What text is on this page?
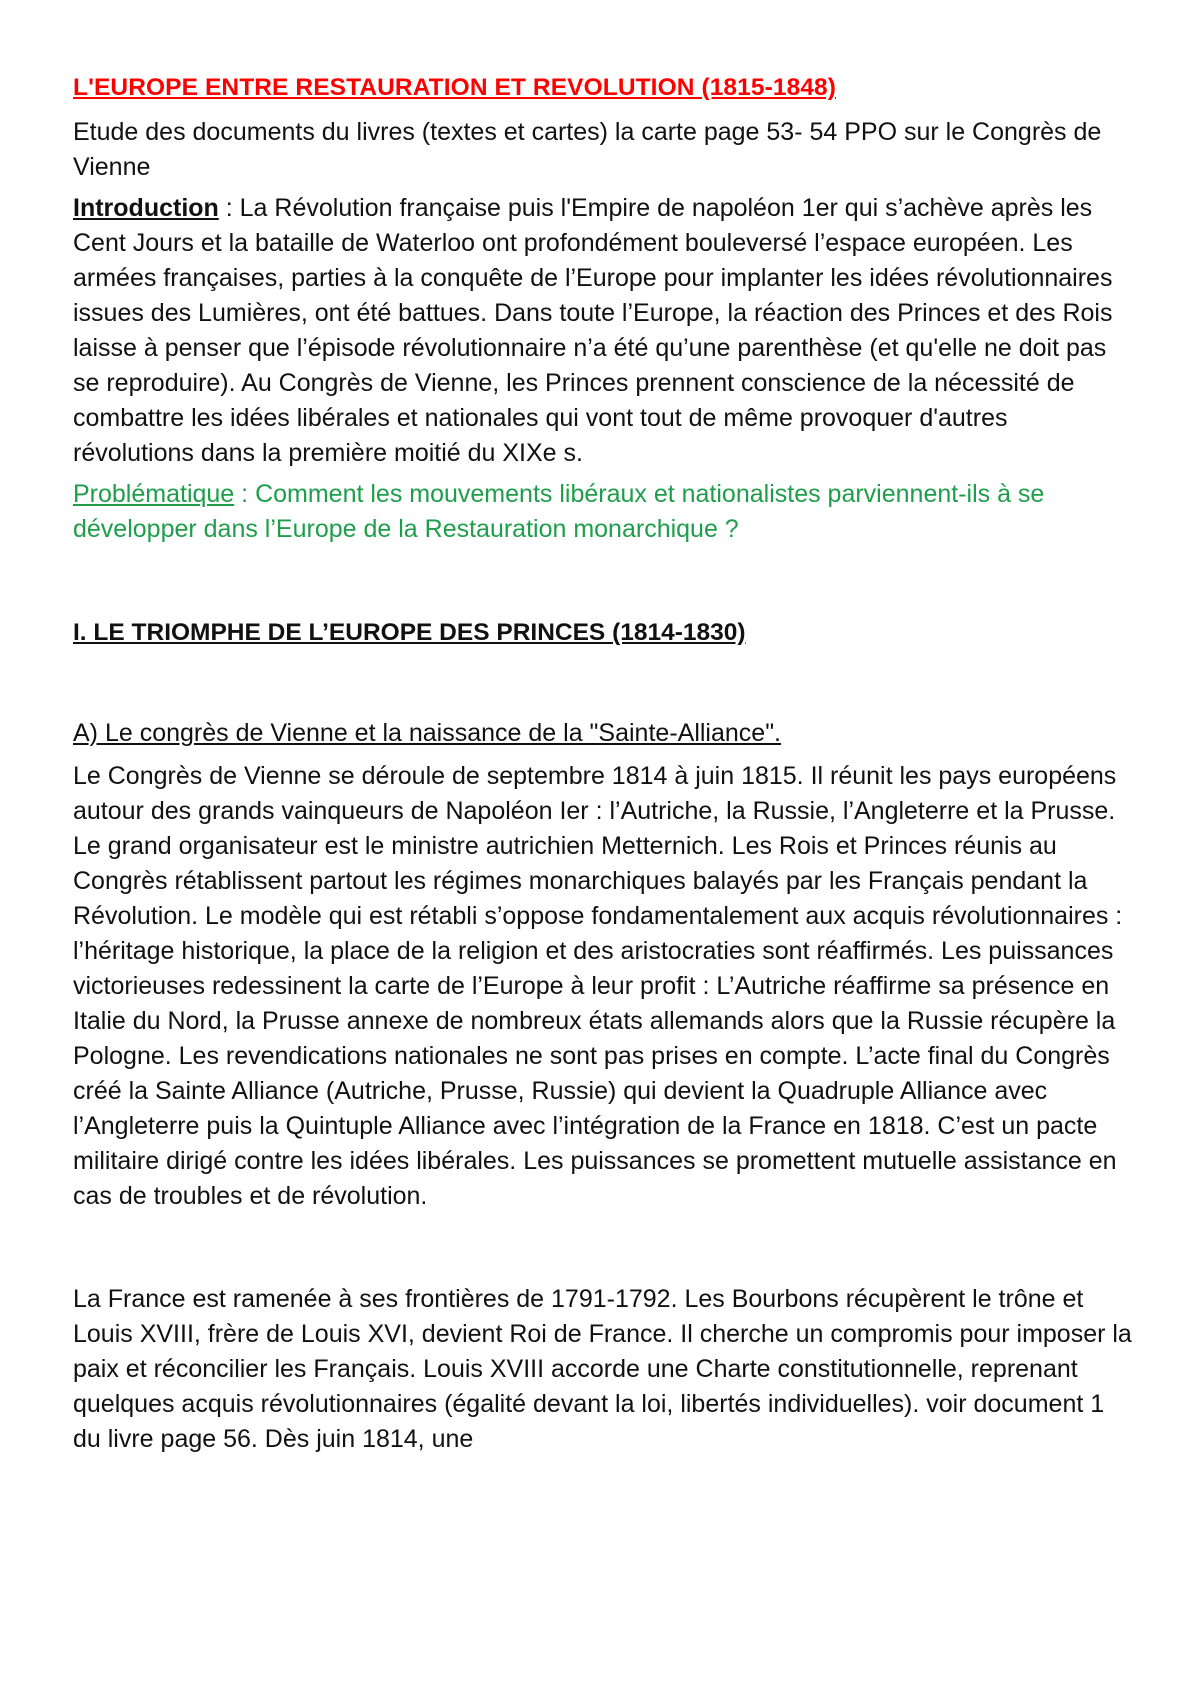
L'EUROPE ENTRE RESTAURATION ET REVOLUTION (1815-1848)

Etude des documents du livres (textes et cartes) la carte page 53- 54 PPO sur le Congrès de Vienne

Introduction : La Révolution française puis l'Empire de napoléon 1er qui s’achève après les Cent Jours et la bataille de Waterloo ont profondément bouleversé l’espace européen. Les armées françaises, parties à la conquête de l’Europe pour implanter les idées révolutionnaires issues des Lumières, ont été battues. Dans toute l’Europe, la réaction des Princes et des Rois laisse à penser que l’épisode révolutionnaire n’a été qu’une parenthèse (et qu'elle ne doit pas se reproduire). Au Congrès de Vienne, les Princes prennent conscience de la nécessité de combattre les idées libérales et nationales qui vont tout de même provoquer d'autres révolutions dans la première moitié du XIXe s.

Problématique : Comment les mouvements libéraux et nationalistes parviennent-ils à se développer dans l’Europe de la Restauration monarchique ?

I. LE TRIOMPHE DE L’EUROPE DES PRINCES (1814-1830)

A) Le congrès de Vienne et la naissance de la "Sainte-Alliance".

Le Congrès de Vienne se déroule de septembre 1814 à juin 1815. Il réunit les pays européens autour des grands vainqueurs de Napoléon Ier : l’Autriche, la Russie, l’Angleterre et la Prusse. Le grand organisateur est le ministre autrichien Metternich. Les Rois et Princes réunis au Congrès rétablissent partout les régimes monarchiques balayés par les Français pendant la Révolution. Le modèle qui est rétabli s’oppose fondamentalement aux acquis révolutionnaires : l’héritage historique, la place de la religion et des aristocraties sont réaffirmés. Les puissances victorieuses redessinent la carte de l’Europe à leur profit : L’Autriche réaffirme sa présence en Italie du Nord, la Prusse annexe de nombreux états allemands alors que la Russie récupère la Pologne. Les revendications nationales ne sont pas prises en compte. L’acte final du Congrès créé la Sainte Alliance (Autriche, Prusse, Russie) qui devient la Quadruple Alliance avec l’Angleterre puis la Quintuple Alliance avec l’intégration de la France en 1818. C’est un pacte militaire dirigé contre les idées libérales. Les puissances se promettent mutuelle assistance en cas de troubles et de révolution.

La France est ramenée à ses frontières de 1791-1792. Les Bourbons récupèrent le trône et Louis XVIII, frère de Louis XVI, devient Roi de France. Il cherche un compromis pour imposer la paix et réconcilier les Français. Louis XVIII accorde une Charte constitutionnelle, reprenant quelques acquis révolutionnaires (égalité devant la loi, libertés individuelles). voir document 1 du livre page 56. Dès juin 1814, une
